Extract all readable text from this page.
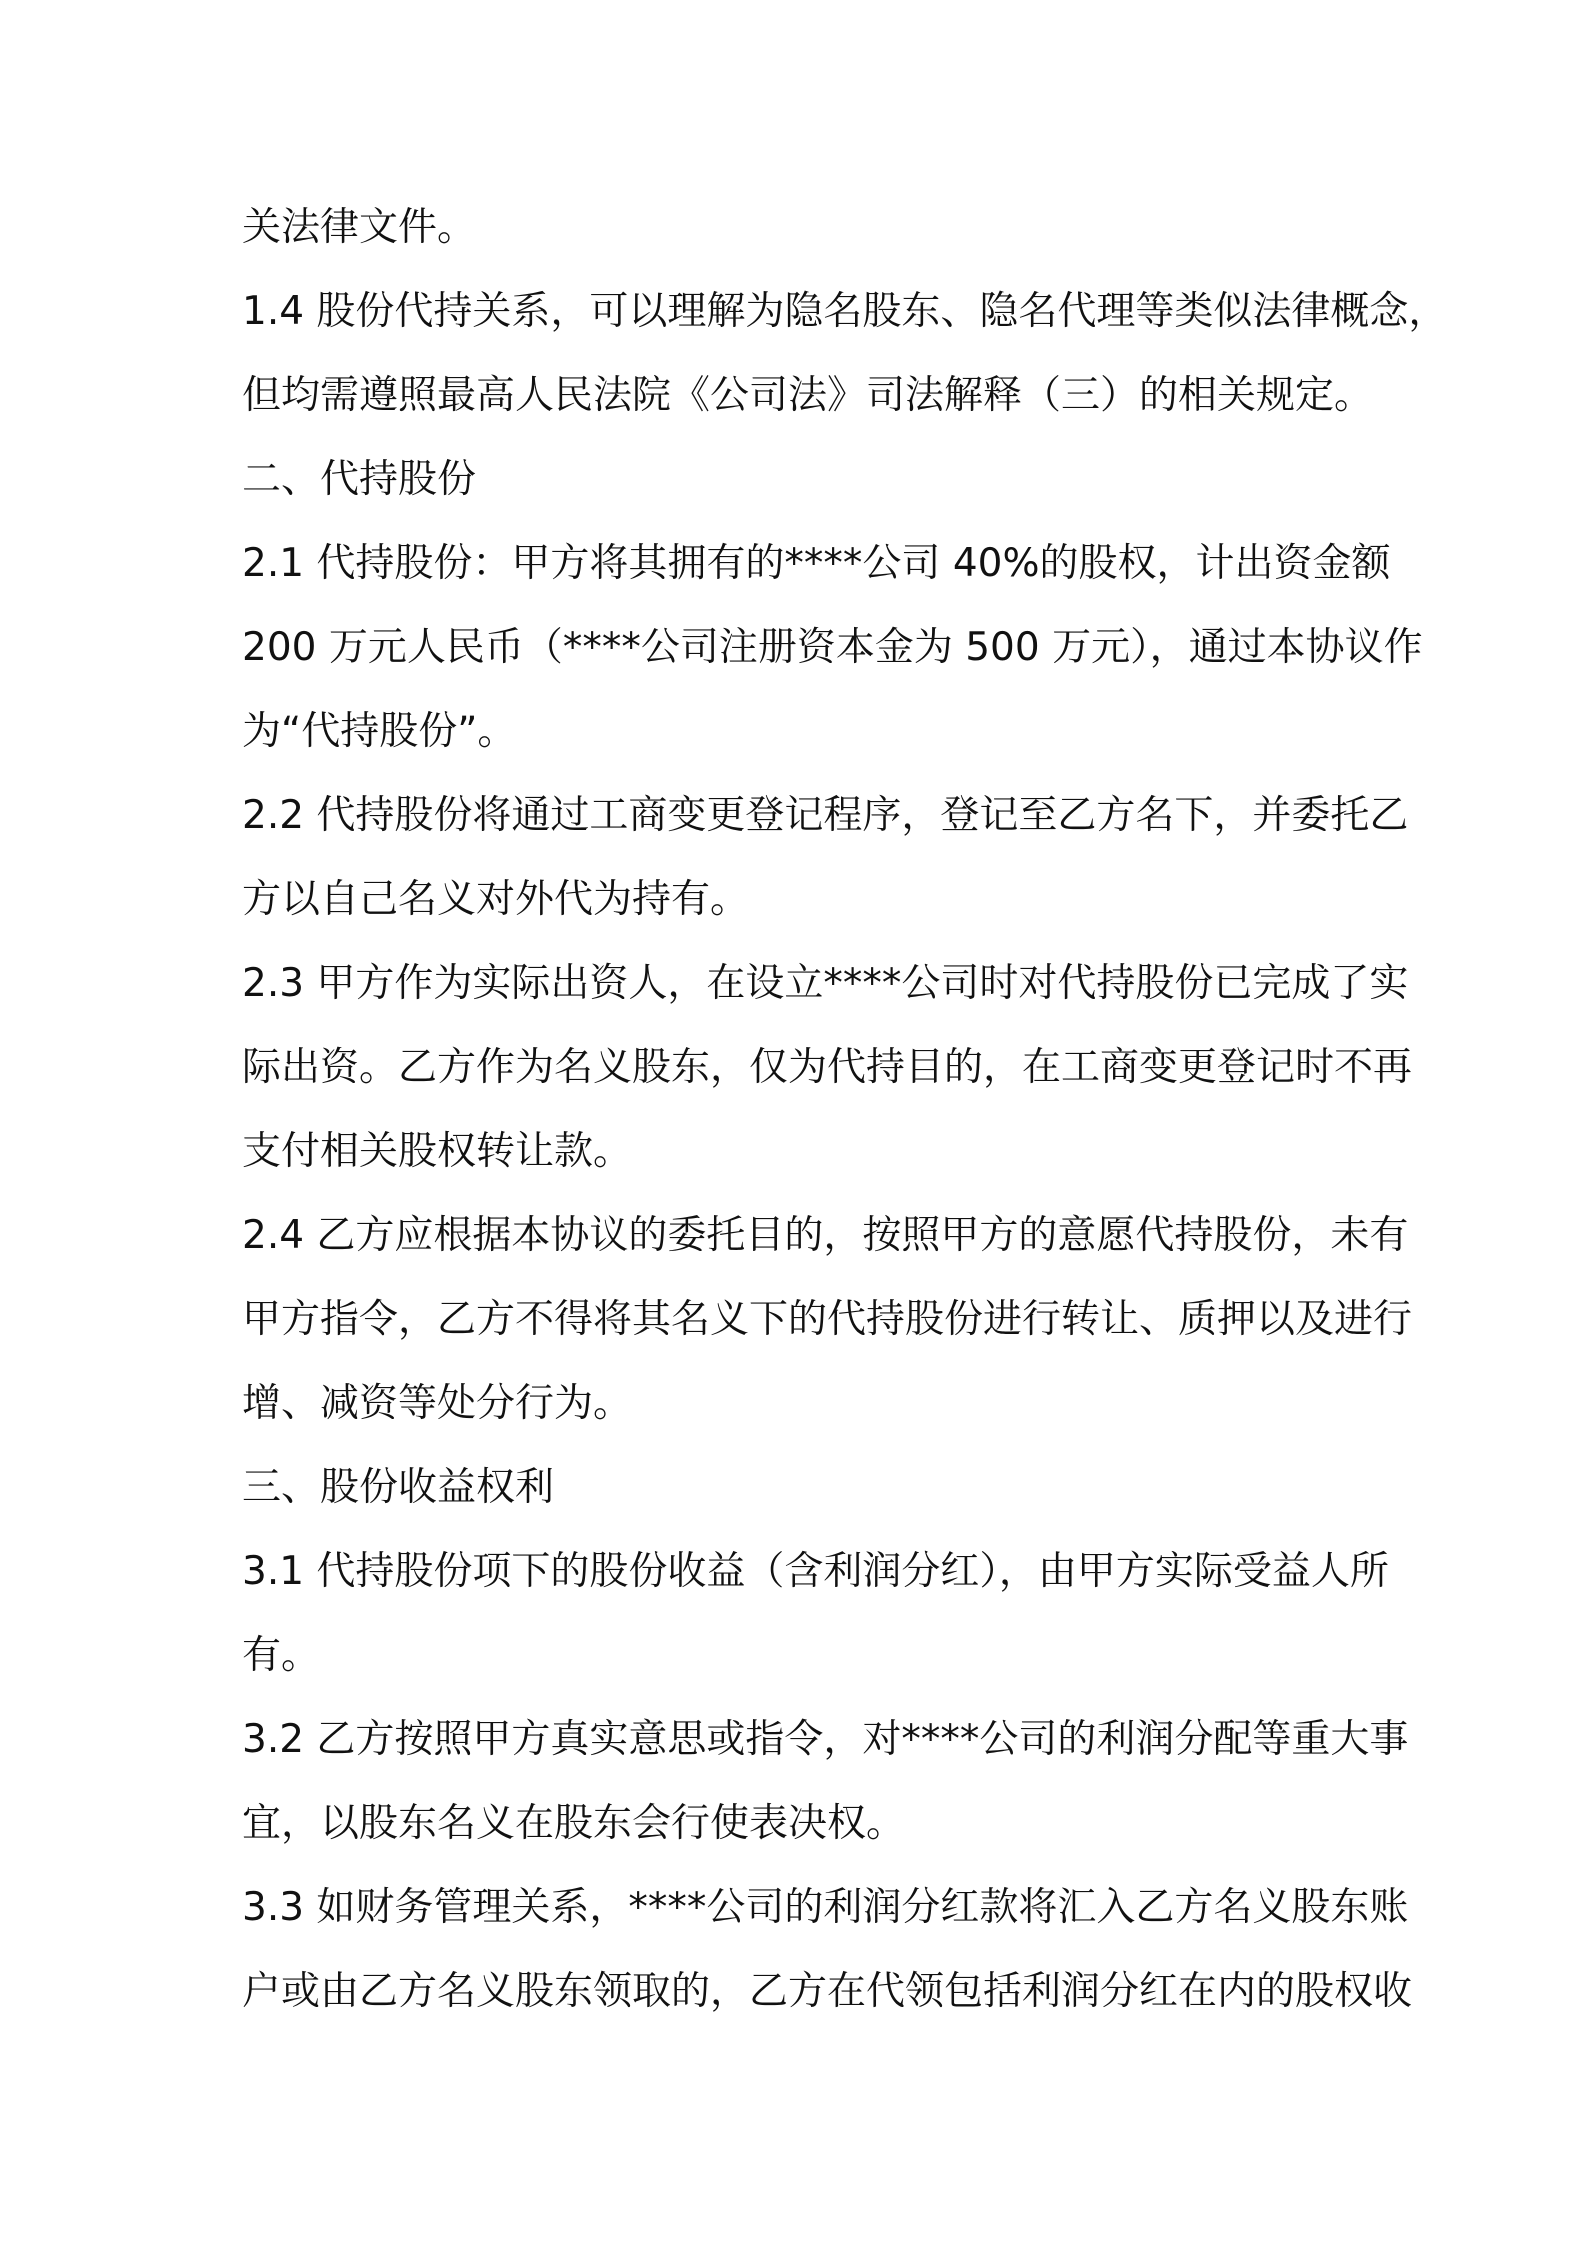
关法律文件。
1.4 股份代持关系，可以理解为隐名股东、隐名代理等类似法律概念，
但均需遵照最高人民法院《公司法》司法解释（三）的相关规定。
二、代持股份
2.1 代持股份：甲方将其拥有的****公司 40%的股权，计出资金额
200 万元人民币（****公司注册资本金为 500 万元），通过本协议作
为“代持股份”。
2.2 代持股份将通过工商变更登记程序，登记至乙方名下，并委托乙
方以自己名义对外代为持有。
2.3 甲方作为实际出资人，在设立****公司时对代持股份已完成了实
际出资。乙方作为名义股东，仅为代持目的，在工商变更登记时不再
支付相关股权转让款。
2.4 乙方应根据本协议的委托目的，按照甲方的意愿代持股份，未有
甲方指令，乙方不得将其名义下的代持股份进行转让、质押以及进行
增、减资等处分行为。
三、股份收益权利
3.1 代持股份项下的股份收益（含利润分红），由甲方实际受益人所
有。
3.2 乙方按照甲方真实意思或指令，对****公司的利润分配等重大事
宜，以股东名义在股东会行使表决权。
3.3 如财务管理关系，****公司的利润分红款将汇入乙方名义股东账
户或由乙方名义股东领取的，乙方在代领包括利润分红在内的股权收
